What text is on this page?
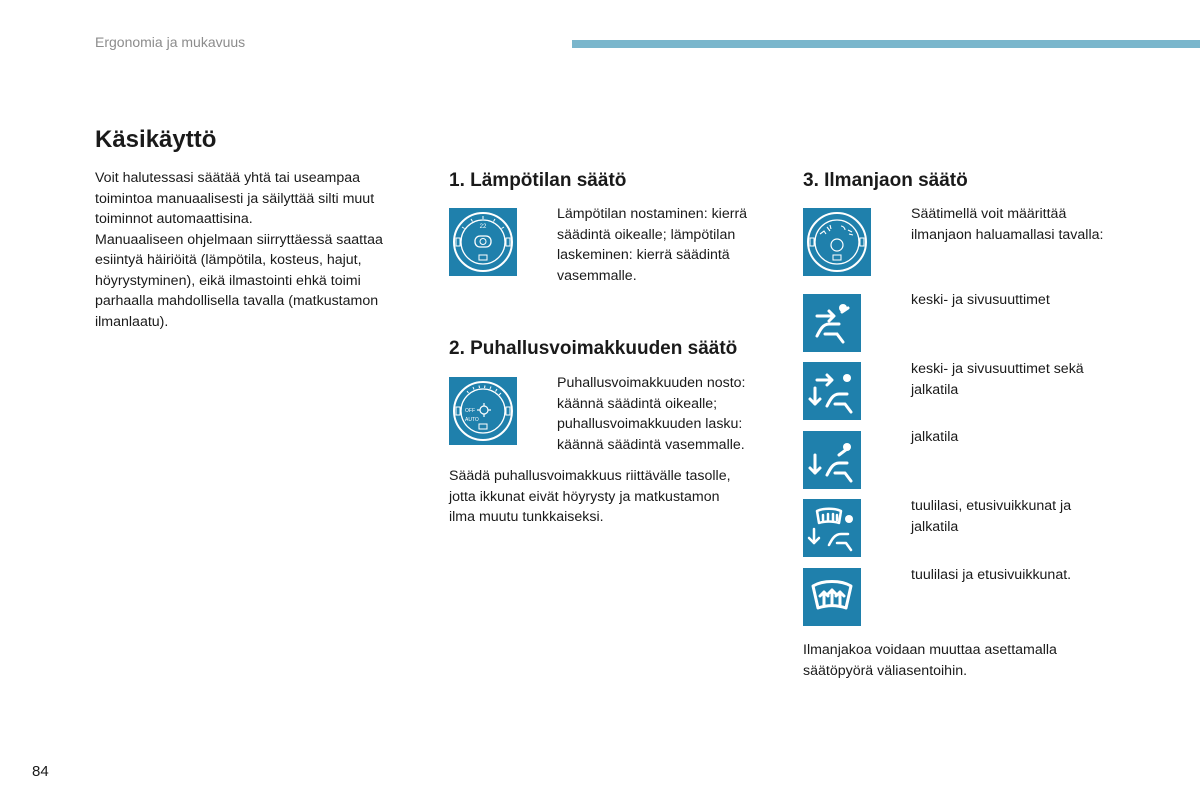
Ergonomia ja mukavuus
Käsikäyttö
Voit halutessasi säätää yhtä tai useampaa
toimintoa manuaalisesti ja säilyttää silti muut
toiminnot automaattisina.
Manuaaliseen ohjelmaan siirryttäessä saattaa
esiintyä häiriöitä (lämpötila, kosteus, hajut,
höyrystyminen), eikä ilmastointi ehkä toimi
parhaalla mahdollisella tavalla (matkustamon
ilmanlaatu).
1. Lämpötilan säätö
22
Lämpötilan nostaminen: kierrä
säädintä oikealle; lämpötilan
laskeminen: kierrä säädintä
vasemmalle.
2. Puhallusvoimakkuuden säätö
OFF
AUTO
Puhallusvoimakkuuden nosto:
käännä säädintä oikealle;
puhallusvoimakkuuden lasku:
käännä säädintä vasemmalle.
Säädä puhallusvoimakkuus riittävälle tasolle,
jotta ikkunat eivät höyrysty ja matkustamon
ilma muutu tunkkaiseksi.
3. Ilmanjaon säätö
Säätimellä voit määrittää
ilmanjaon haluamallasi tavalla:
keski- ja sivusuuttimet
keski- ja sivusuuttimet sekä
jalkatila
jalkatila
tuulilasi, etusivuikkunat ja
jalkatila
tuulilasi ja etusivuikkunat.
Ilmanjakoa voidaan muuttaa asettamalla
säätöpyörä väliasentoihin.
84
